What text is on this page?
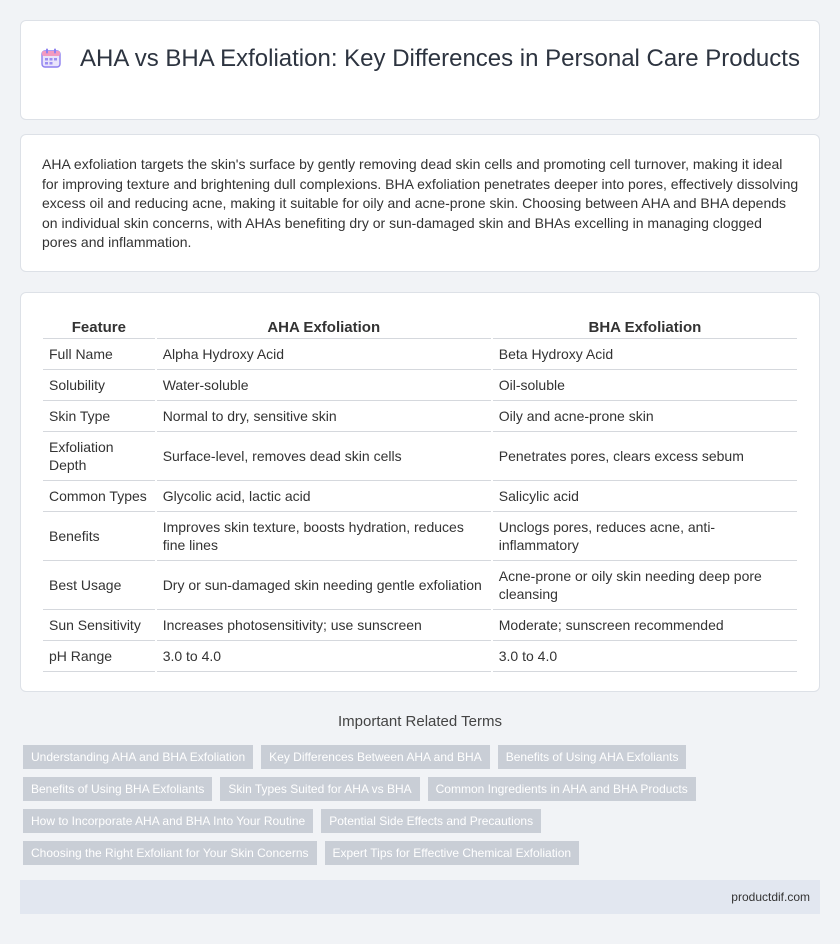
AHA vs BHA Exfoliation: Key Differences in Personal Care Products

AHA exfoliation targets the skin's surface by gently removing dead skin cells and promoting cell turnover, making it ideal for improving texture and brightening dull complexions. BHA exfoliation penetrates deeper into pores, effectively dissolving excess oil and reducing acne, making it suitable for oily and acne-prone skin. Choosing between AHA and BHA depends on individual skin concerns, with AHAs benefiting dry or sun-damaged skin and BHAs excelling in managing clogged pores and inflammation.

Feature	AHA Exfoliation	BHA Exfoliation
Full Name	Alpha Hydroxy Acid	Beta Hydroxy Acid
Solubility	Water-soluble	Oil-soluble
Skin Type	Normal to dry, sensitive skin	Oily and acne-prone skin
Exfoliation Depth	Surface-level, removes dead skin cells	Penetrates pores, clears excess sebum
Common Types	Glycolic acid, lactic acid	Salicylic acid
Benefits	Improves skin texture, boosts hydration, reduces fine lines	Unclogs pores, reduces acne, anti-inflammatory
Best Usage	Dry or sun-damaged skin needing gentle exfoliation	Acne-prone or oily skin needing deep pore cleansing
Sun Sensitivity	Increases photosensitivity; use sunscreen	Moderate; sunscreen recommended
pH Range	3.0 to 4.0	3.0 to 4.0
Important Related Terms
Understanding AHA and BHA Exfoliation	Key Differences Between AHA and BHA	Benefits of Using AHA Exfoliants
Benefits of Using BHA Exfoliants	Skin Types Suited for AHA vs BHA	Common Ingredients in AHA and BHA Products
How to Incorporate AHA and BHA Into Your Routine	Potential Side Effects and Precautions
Choosing the Right Exfoliant for Your Skin Concerns	Expert Tips for Effective Chemical Exfoliation
productdif.com
